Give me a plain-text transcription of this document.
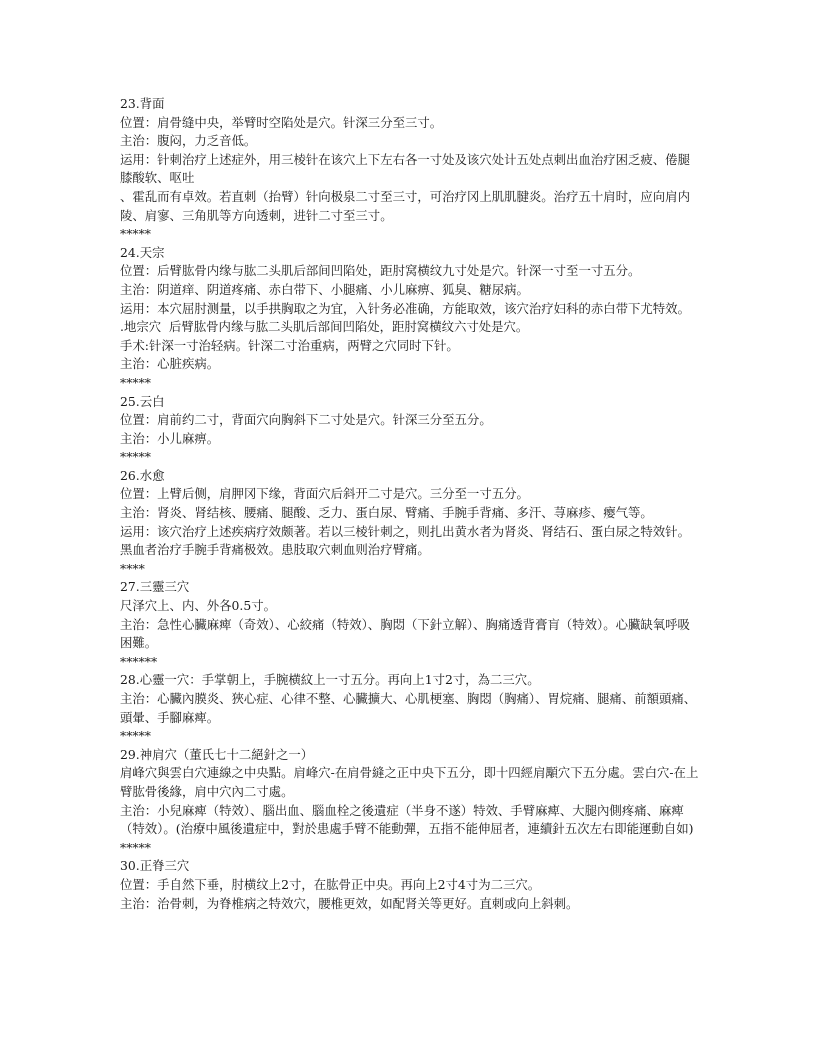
23.背面
位置：肩骨缝中央，举臂时空陷处是穴。针深三分至三寸。
主治：腹闷，力乏音低。
运用：针刺治疗上述症外，用三棱针在该穴上下左右各一寸处及该穴处计五处点刺出血治疗困乏疲、倦腿膝酸软、呕吐
、霍乱而有卓效。若直刺（抬臂）针向极泉二寸至三寸，可治疗冈上肌肌腱炎。治疗五十肩时，应向肩内陵、肩寥、三角肌等方向透刺，进针二寸至三寸。
*****
24.天宗
位置：后臂肱骨内缘与肱二头肌后部间凹陷处，距肘窝横纹九寸处是穴。针深一寸至一寸五分。
主治：阴道痒、阴道疼痛、赤白带下、小腿痛、小儿麻痹、狐臭、糖尿病。
运用：本穴屈肘测量，以手拱胸取之为宜，入针务必准确，方能取效，该穴治疗妇科的赤白带下尤特效。
.地宗穴  后臂肱骨内缘与肱二头肌后部间凹陷处，距肘窝横纹六寸处是穴。
手术:针深一寸治轻病。针深二寸治重病，两臂之穴同时下针。
主治：心脏疾病。
*****
25.云白
位置：肩前约二寸，背面穴向胸斜下二寸处是穴。针深三分至五分。
主治：小儿麻痹。
*****
26.水愈
位置：上臂后侧，肩胛冈下缘，背面穴后斜开二寸是穴。三分至一寸五分。
主治：肾炎、肾结核、腰痛、腿酸、乏力、蛋白尿、臂痛、手腕手背痛、多汗、荨麻疹、瘿气等。
运用：该穴治疗上述疾病疗效颇著。若以三棱针刺之，则扎出黄水者为肾炎、肾结石、蛋白尿之特效针。黑血者治疗手腕手背痛极效。患肢取穴刺血则治疗臂痛。
****
27.三靈三穴
尺泽穴上、内、外各0.5寸。
主治：急性心臟麻痺（奇效）、心絞痛（特效）、胸悶（下針立解）、胸痛透背膏肓（特效）。心臟缺氧呼吸困難。
******
28.心靈一穴：手掌朝上，手腕横紋上一寸五分。再向上1寸2寸，為二三穴。
主治：心臟內膜炎、狹心症、心律不整、心臟擴大、心肌梗塞、胸悶（胸痛）、胃烷痛、腿痛、前額頭痛、頭暈、手腳麻痺。
*****
29.神肩穴（董氏七十二絕針之一）
肩峰穴與雲白穴連線之中央點。肩峰穴-在肩骨縫之正中央下五分，即十四經肩顒穴下五分處。雲白穴-在上臂肱骨後緣，肩中穴內二寸處。
主治：小兒麻痺（特效）、腦出血、腦血栓之後遺症（半身不遂）特效、手臂麻痺、大腿內側疼痛、麻痺（特效）。(治療中風後遺症中，對於患處手臂不能動彈，五指不能伸屈者，連續針五次左右即能運動自如)
*****
30.正脊三穴
位置：手自然下垂，肘横纹上2寸，在肱骨正中央。再向上2寸4寸为二三穴。
主治：治骨刺，为脊椎病之特效穴，腰椎更效，如配肾关等更好。直刺或向上斜刺。
